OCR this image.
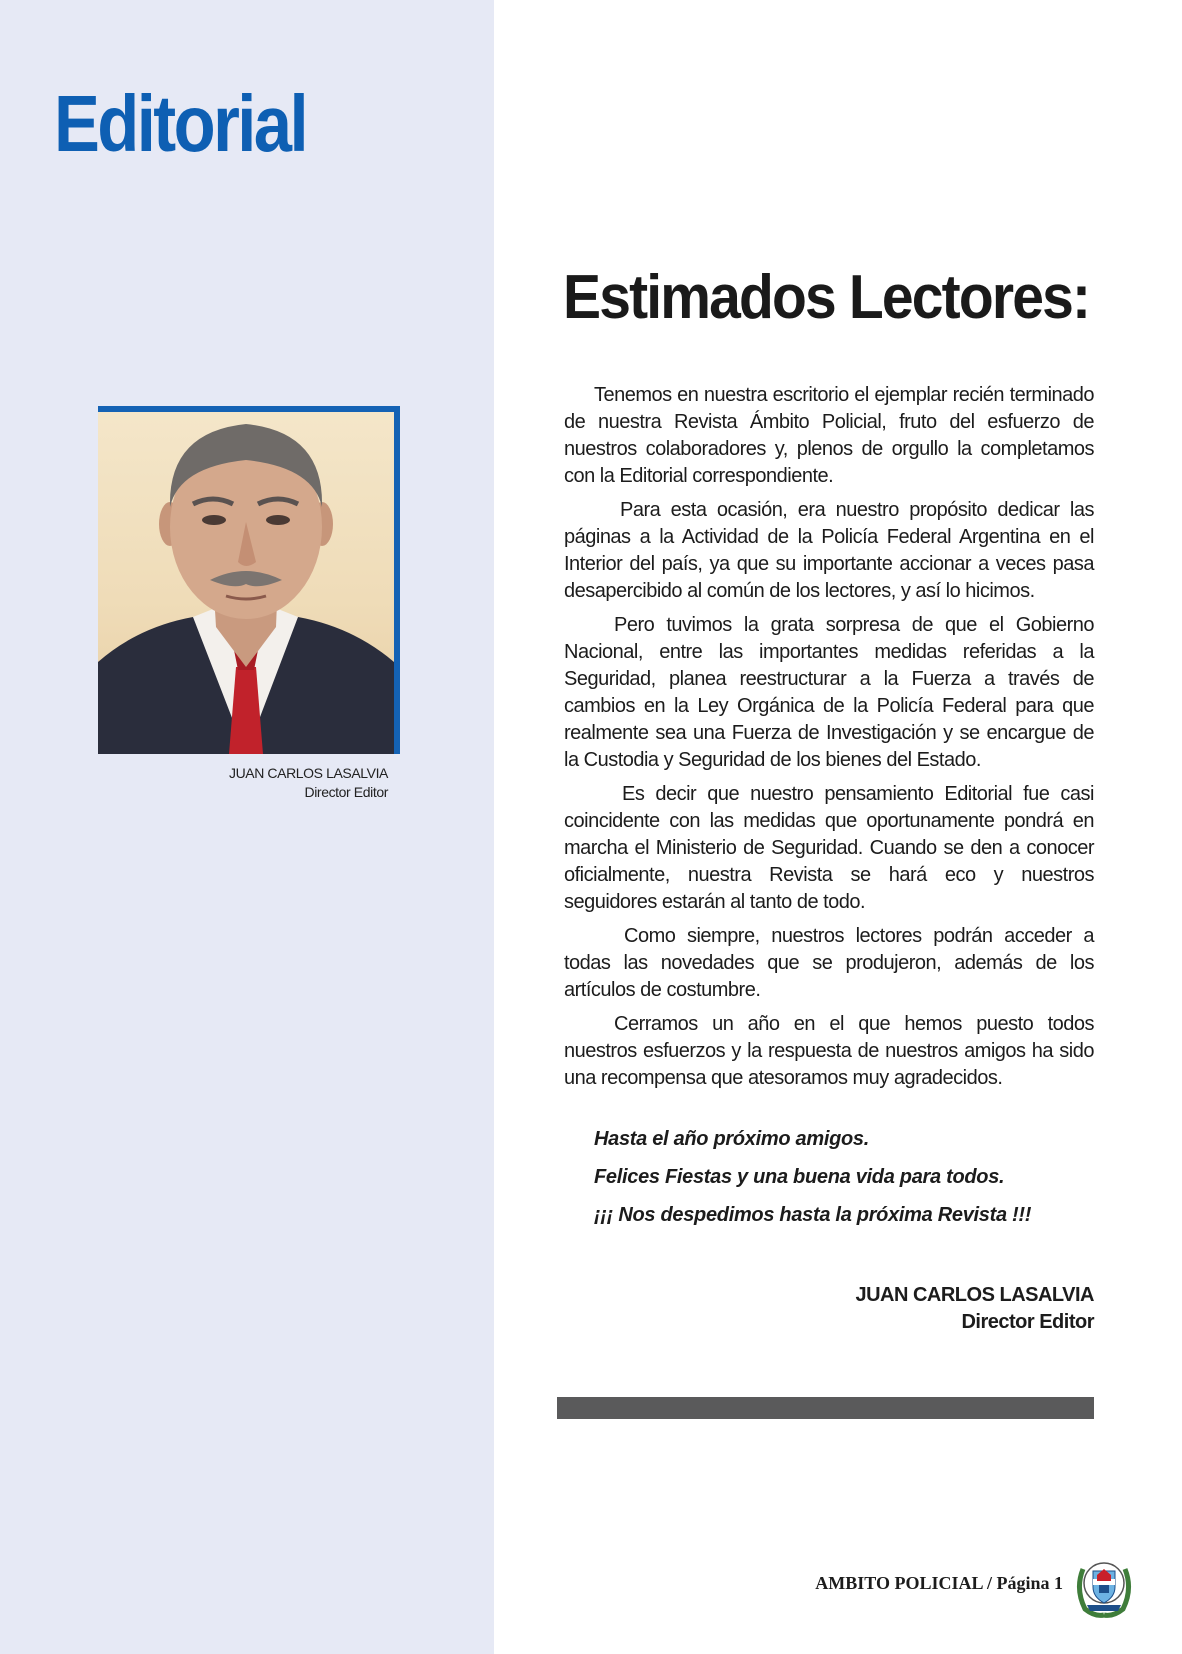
Editorial
JUAN CARLOS LASALVIA
Director Editor
Estimados Lectores:

Tenemos en nuestra escritorio el ejemplar recién terminado de nuestra Revista Ámbito Policial, fruto del esfuerzo de nuestros colaboradores y, plenos de orgullo la completamos con la Editorial correspondiente.

Para esta ocasión, era nuestro propósito dedicar las páginas a la Actividad de la Policía Federal Argentina en el Interior del país, ya que su importante accionar a veces pasa desapercibido al común de los lectores, y así lo hicimos.

Pero tuvimos la grata sorpresa de que el Gobierno Nacional, entre las importantes medidas referidas a la Seguridad, planea reestructurar a la Fuerza a través de cambios en la Ley Orgánica de la Policía Federal para que realmente sea una Fuerza de Investigación y se encargue de la Custodia y Seguridad de los bienes del Estado.

Es decir que nuestro pensamiento Editorial fue casi coincidente con las medidas que oportunamente pondrá en marcha el Ministerio de Seguridad. Cuando se den a conocer oficialmente, nuestra Revista se hará eco y nuestros seguidores estarán al tanto de todo.

Como siempre, nuestros lectores podrán acceder a todas las novedades que se produjeron, además de los artículos de costumbre.

Cerramos un año en el que hemos puesto todos nuestros esfuerzos y la respuesta de nuestros amigos ha sido una recompensa que atesoramos muy agradecidos.

Hasta el año próximo amigos.

Felices Fiestas y una buena vida para todos.

¡¡¡ Nos despedimos hasta la próxima Revista !!!

JUAN CARLOS LASALVIA
Director Editor
AMBITO POLICIAL / Página 1
